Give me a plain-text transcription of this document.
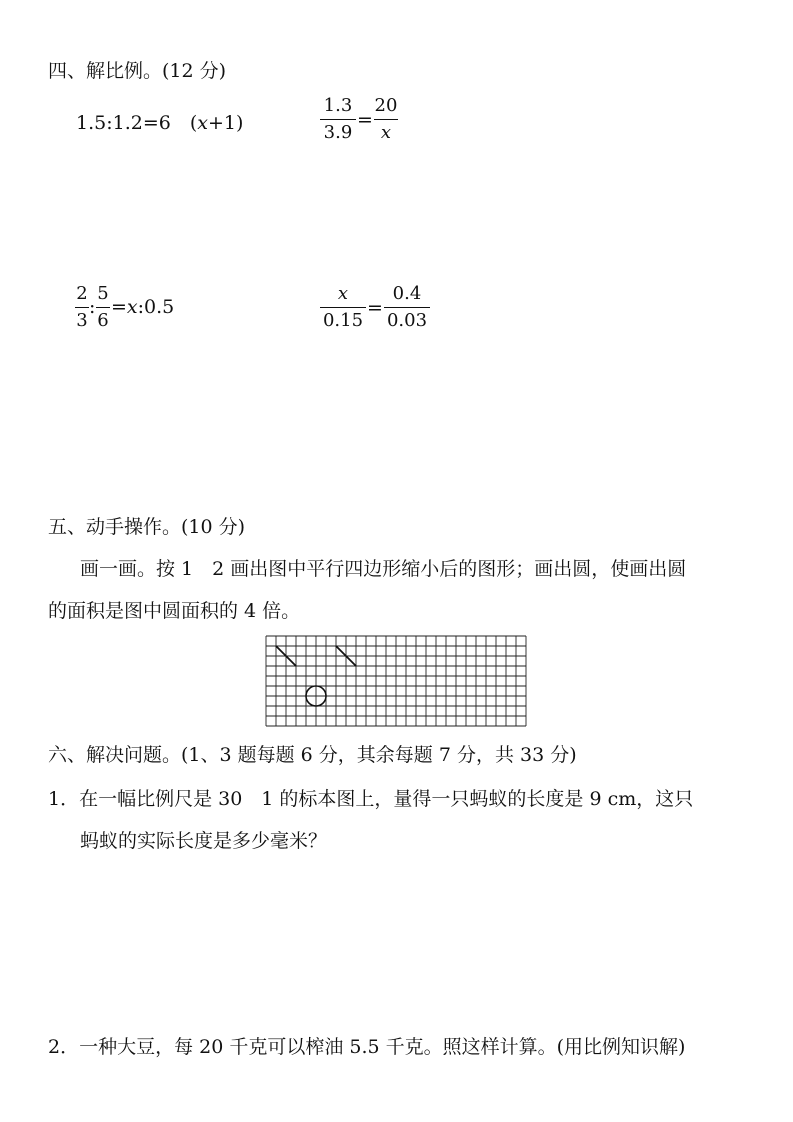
四、解比例。(12 分)
1.5:1.2=6　(x+1)
1.3
3.9
=
20
x
2
3
:
5
6
=x:0.5
x
0.15
=
0.4
0.03
五、动手操作。(10 分)
画一画。按 1　2 画出图中平行四边形缩小后的图形；画出圆，使画出圆
的面积是图中圆面积的 4 倍。
六、解决问题。(1、3 题每题 6 分，其余每题 7 分，共 33 分)
1．在一幅比例尺是 30　1 的标本图上，量得一只蚂蚁的长度是 9 cm，这只
蚂蚁的实际长度是多少毫米？
2．一种大豆，每 20 千克可以榨油 5.5 千克。照这样计算。(用比例知识解)
